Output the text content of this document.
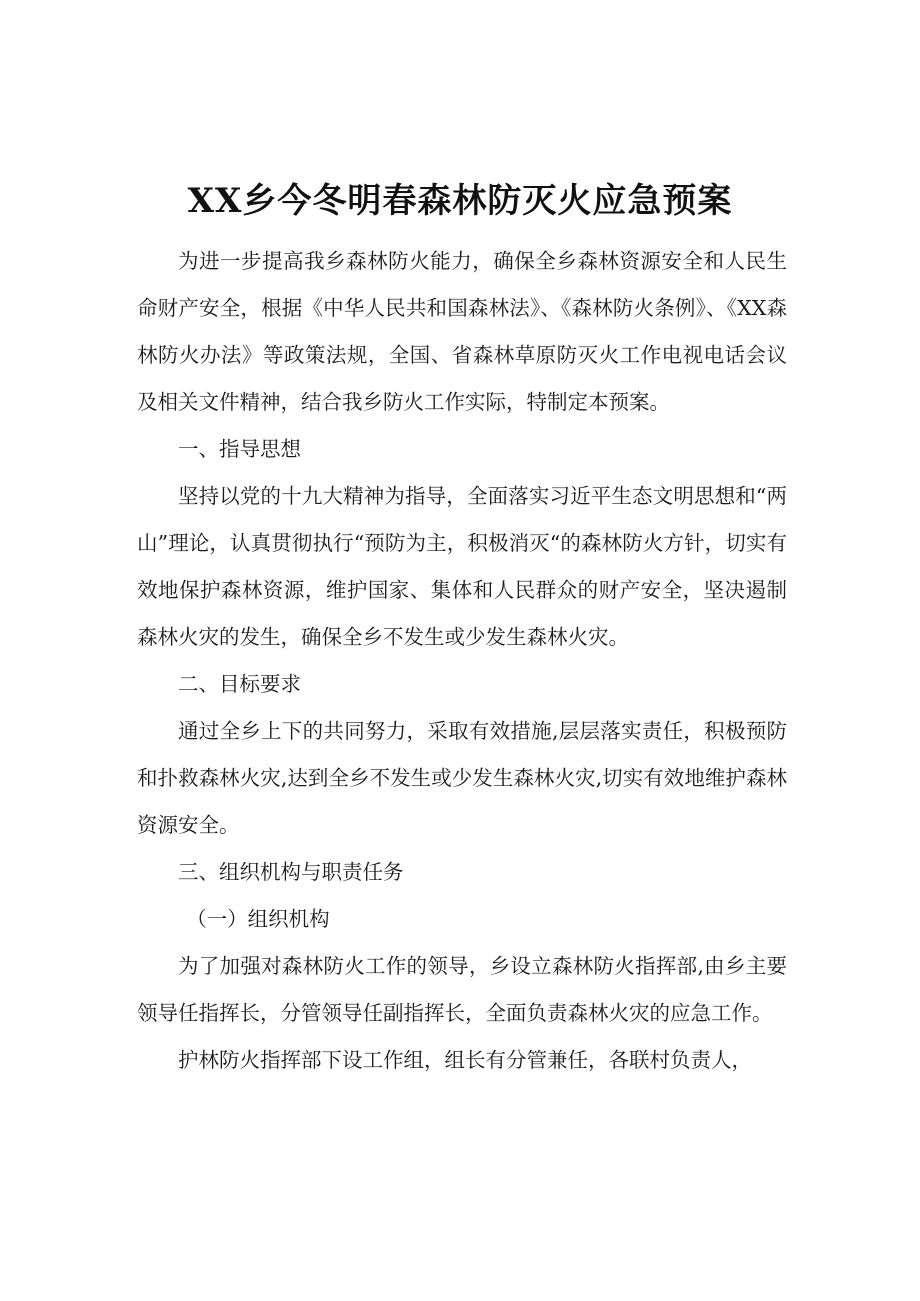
XX乡今冬明春森林防灭火应急预案

为进一步提高我乡森林防火能力，确保全乡森林资源安全和人民生命财产安全，根据《中华人民共和国森林法》、《森林防火条例》、《XX森林防火办法》等政策法规，全国、省森林草原防灭火工作电视电话会议及相关文件精神，结合我乡防火工作实际，特制定本预案。

一、指导思想

坚持以党的十九大精神为指导，全面落实习近平生态文明思想和“两山”理论，认真贯彻执行“预防为主，积极消灭“的森林防火方针，切实有效地保护森林资源，维护国家、集体和人民群众的财产安全，坚决遏制森林火灾的发生，确保全乡不发生或少发生森林火灾。

二、目标要求

通过全乡上下的共同努力，采取有效措施,层层落实责任，积极预防和扑救森林火灾,达到全乡不发生或少发生森林火灾,切实有效地维护森林资源安全。

三、组织机构与职责任务

（一）组织机构

为了加强对森林防火工作的领导，乡设立森林防火指挥部,由乡主要领导任指挥长，分管领导任副指挥长，全面负责森林火灾的应急工作。

护林防火指挥部下设工作组，组长有分管兼任，各联村负责人，
